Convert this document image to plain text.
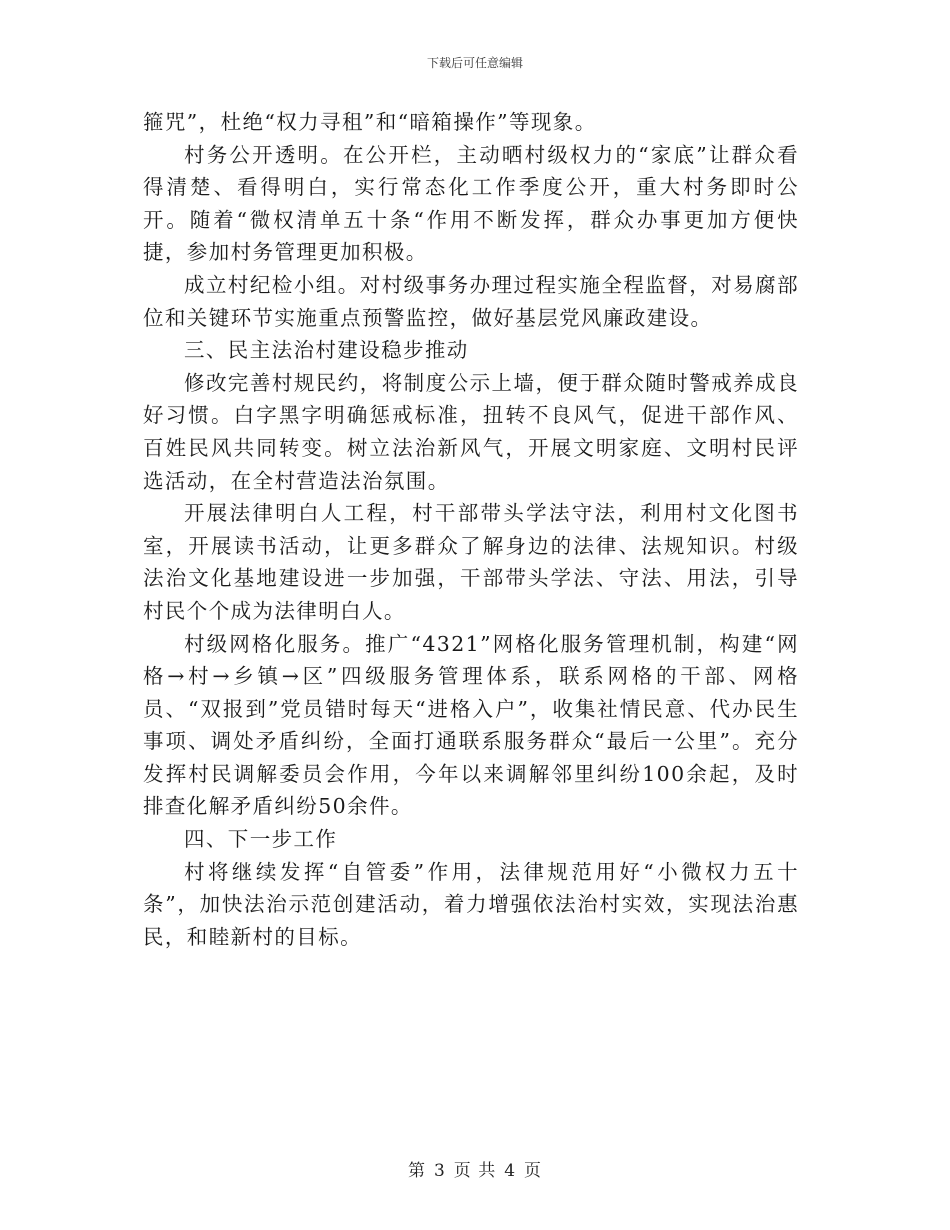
下载后可任意编辑

箍咒”，杜绝“权力寻租”和“暗箱操作”等现象。

村务公开透明。在公开栏，主动晒村级权力的“家底”让群众看得清楚、看得明白，实行常态化工作季度公开，重大村务即时公开。随着“微权清单五十条“作用不断发挥，群众办事更加方便快捷，参加村务管理更加积极。

成立村纪检小组。对村级事务办理过程实施全程监督，对易腐部位和关键环节实施重点预警监控，做好基层党风廉政建设。

三、民主法治村建设稳步推动

修改完善村规民约，将制度公示上墙，便于群众随时警戒养成良好习惯。白字黑字明确惩戒标准，扭转不良风气，促进干部作风、百姓民风共同转变。树立法治新风气，开展文明家庭、文明村民评选活动，在全村营造法治氛围。

开展法律明白人工程，村干部带头学法守法，利用村文化图书室，开展读书活动，让更多群众了解身边的法律、法规知识。村级法治文化基地建设进一步加强，干部带头学法、守法、用法，引导村民个个成为法律明白人。

村级网格化服务。推广“4321”网格化服务管理机制，构建“网格→村→乡镇→区”四级服务管理体系，联系网格的干部、网格员、“双报到”党员错时每天“进格入户”，收集社情民意、代办民生事项、调处矛盾纠纷，全面打通联系服务群众“最后一公里”。充分发挥村民调解委员会作用，今年以来调解邻里纠纷100余起，及时排查化解矛盾纠纷50余件。

四、下一步工作

村将继续发挥“自管委”作用，法律规范用好“小微权力五十条”，加快法治示范创建活动，着力增强依法治村实效，实现法治惠民，和睦新村的目标。

第 3 页 共 4 页
